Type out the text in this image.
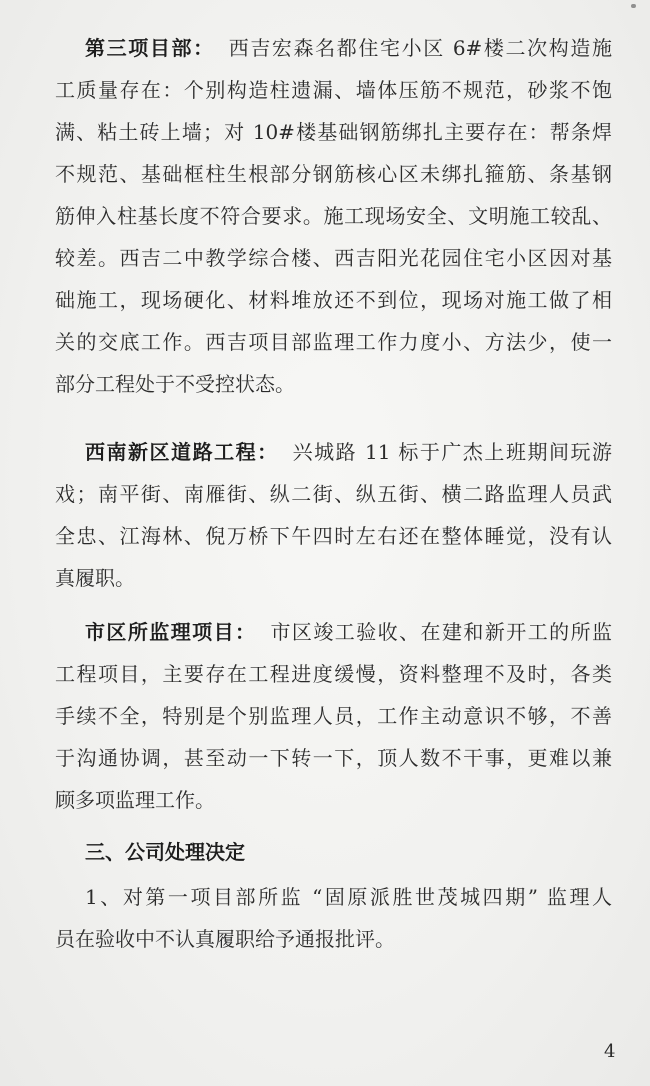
第三项目部： 西吉宏森名都住宅小区 6#楼二次构造施
工质量存在：个别构造柱遗漏、墙体压筋不规范，砂浆不饱
满、粘土砖上墙；对 10#楼基础钢筋绑扎主要存在：帮条焊
不规范、基础框柱生根部分钢筋核心区未绑扎箍筋、条基钢
筋伸入柱基长度不符合要求。施工现场安全、文明施工较乱、
较差。西吉二中教学综合楼、西吉阳光花园住宅小区因对基
础施工，现场硬化、材料堆放还不到位，现场对施工做了相
关的交底工作。西吉项目部监理工作力度小、方法少，使一
部分工程处于不受控状态。
西南新区道路工程： 兴城路 11 标于广杰上班期间玩游
戏；南平街、南雁街、纵二街、纵五街、横二路监理人员武
全忠、江海林、倪万桥下午四时左右还在整体睡觉，没有认
真履职。
市区所监理项目： 市区竣工验收、在建和新开工的所监
工程项目，主要存在工程进度缓慢，资料整理不及时，各类
手续不全，特别是个别监理人员，工作主动意识不够，不善
于沟通协调，甚至动一下转一下，顶人数不干事，更难以兼
顾多项监理工作。
三、公司处理决定
1、对第一项目部所监 “固原派胜世茂城四期” 监理人
员在验收中不认真履职给予通报批评。
4
